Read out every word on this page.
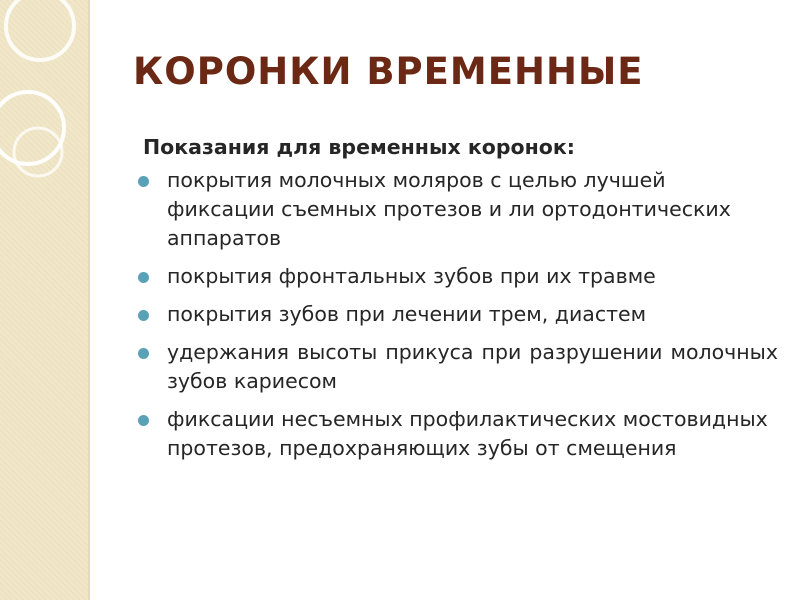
КОРОНКИ ВРЕМЕННЫЕ

Показания для временных коронок:

покрытия молочных моляров с целью лучшей фиксации съемных протезов и ли ортодонтических аппаратов
покрытия фронтальных зубов при их травме
покрытия зубов при лечении трем, диастем
удержания высоты прикуса при разрушении молочных зубов кариесом
фиксации несъемных профилактических мостовидных протезов, предохраняющих зубы от смещения
